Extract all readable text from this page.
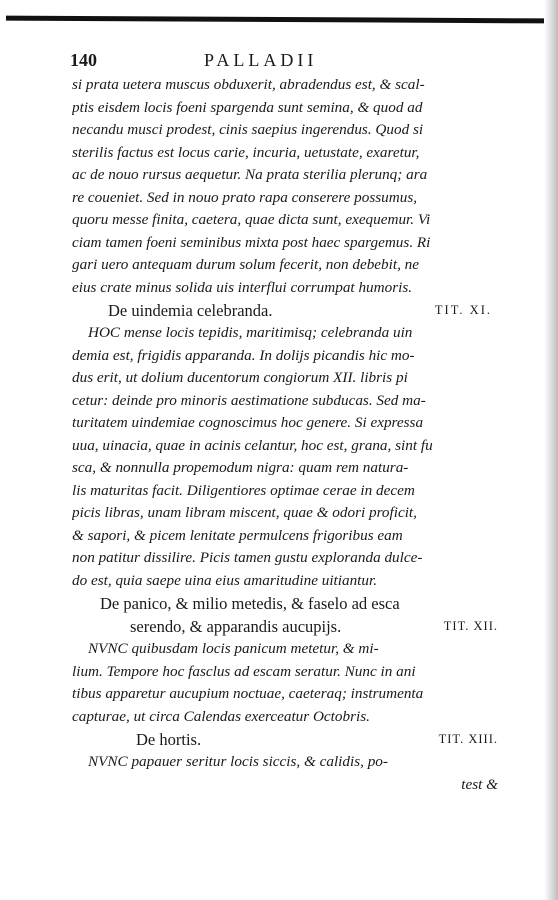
140	PALLADII
si prata uetera muscus obduxerit, abradendus est, & scal-
ptis eisdem locis foeni spargenda sunt semina, & quod ad
necandu musci prodest, cinis saepius ingerendus. Quod si
sterilis factus est locus carie, incuria, uetustate, exaretur,
ac de nouo rursus aequetur. Na prata sterilia plerunq; ara
re coueniet. Sed in nouo prato rapa conserere possumus,
quoru messe finita, caetera, quae dicta sunt, exequemur. Vi
ciam tamen foeni seminibus mixta post haec spargemus. Ri
gari uero antequam durum solum fecerit, non debebit, ne
eius crate minus solida uis interflui corrumpat humoris.
De uindemia celebranda.	TIT. XI.
HOC mense locis tepidis, maritimisq; celebranda uin
demia est, frigidis apparanda. In dolijs picandis hic mo-
dus erit, ut dolium ducentorum congiorum XII. libris pi
cetur: deinde pro minoris aestimatione subducas. Sed ma-
turitatem uindemiae cognoscimus hoc genere. Si expressa
uua, uinacia, quae in acinis celantur, hoc est, grana, sint fu
sca, & nonnulla propemodum nigra: quam rem natura-
lis maturitas facit. Diligentiores optimae cerae in decem
picis libras, unam libram miscent, quae & odori proficit,
& sapori, & picem lenitate permulcens frigoribus eam
non patitur dissilire. Picis tamen gustu exploranda dulce-
do est, quia saepe uina eius amaritudine uitiantur.
De panico, & milio metedis, & faselo ad esca
serendo, & apparandis aucupijs.	TIT. XII.
NVNC quibusdam locis panicum metetur, & mi-
lium. Tempore hoc fasclus ad escam seratur. Nunc in ani
tibus apparetur aucupium noctuae, caeteraq; instrumenta
capturae, ut circa Calendas exerceatur Octobris.
De hortis.	TIT. XIII.
NVNC papauer seritur locis siccis, & calidis, po-
test &
